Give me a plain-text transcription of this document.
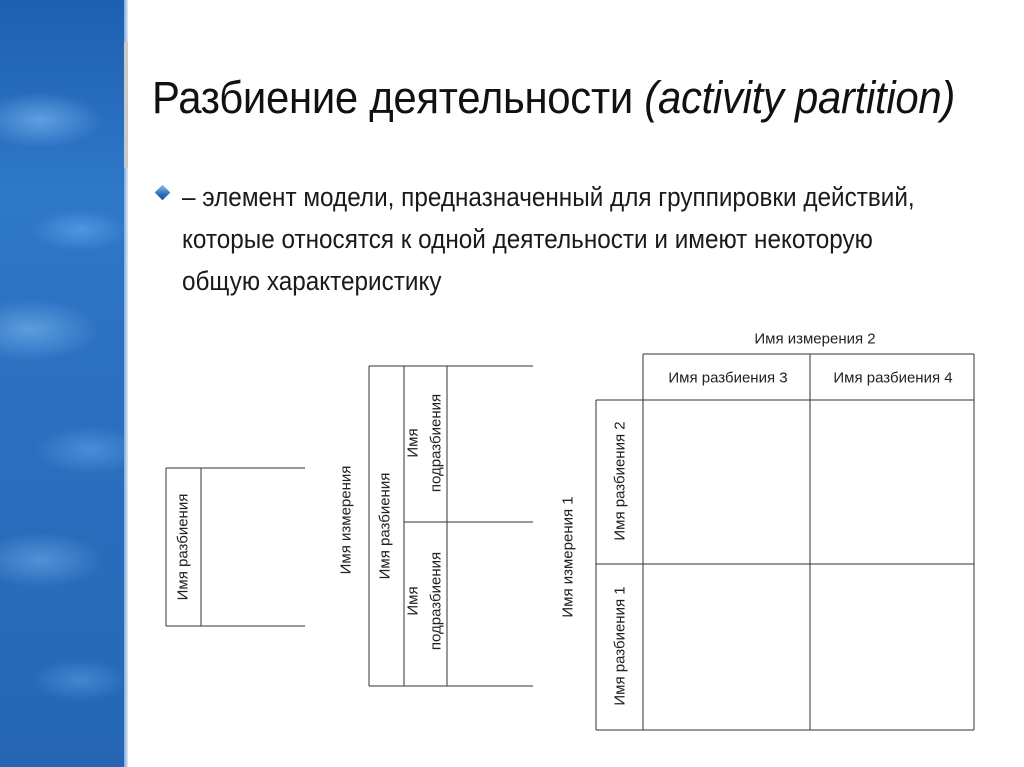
Разбиение деятельности (activity partition)

– элемент модели, предназначенный для группировки действий, которые относятся к одной деятельности и имеют некоторую общую характеристику

Имя разбиения	Имя измерения Имя разбиения
Имя подразбиения
Имя подразбиения
Имя измерения 2
Имя разбиения 3	Имя разбиения 4
Имя измерения 1
Имя разбиения 2
Имя разбиения 1
